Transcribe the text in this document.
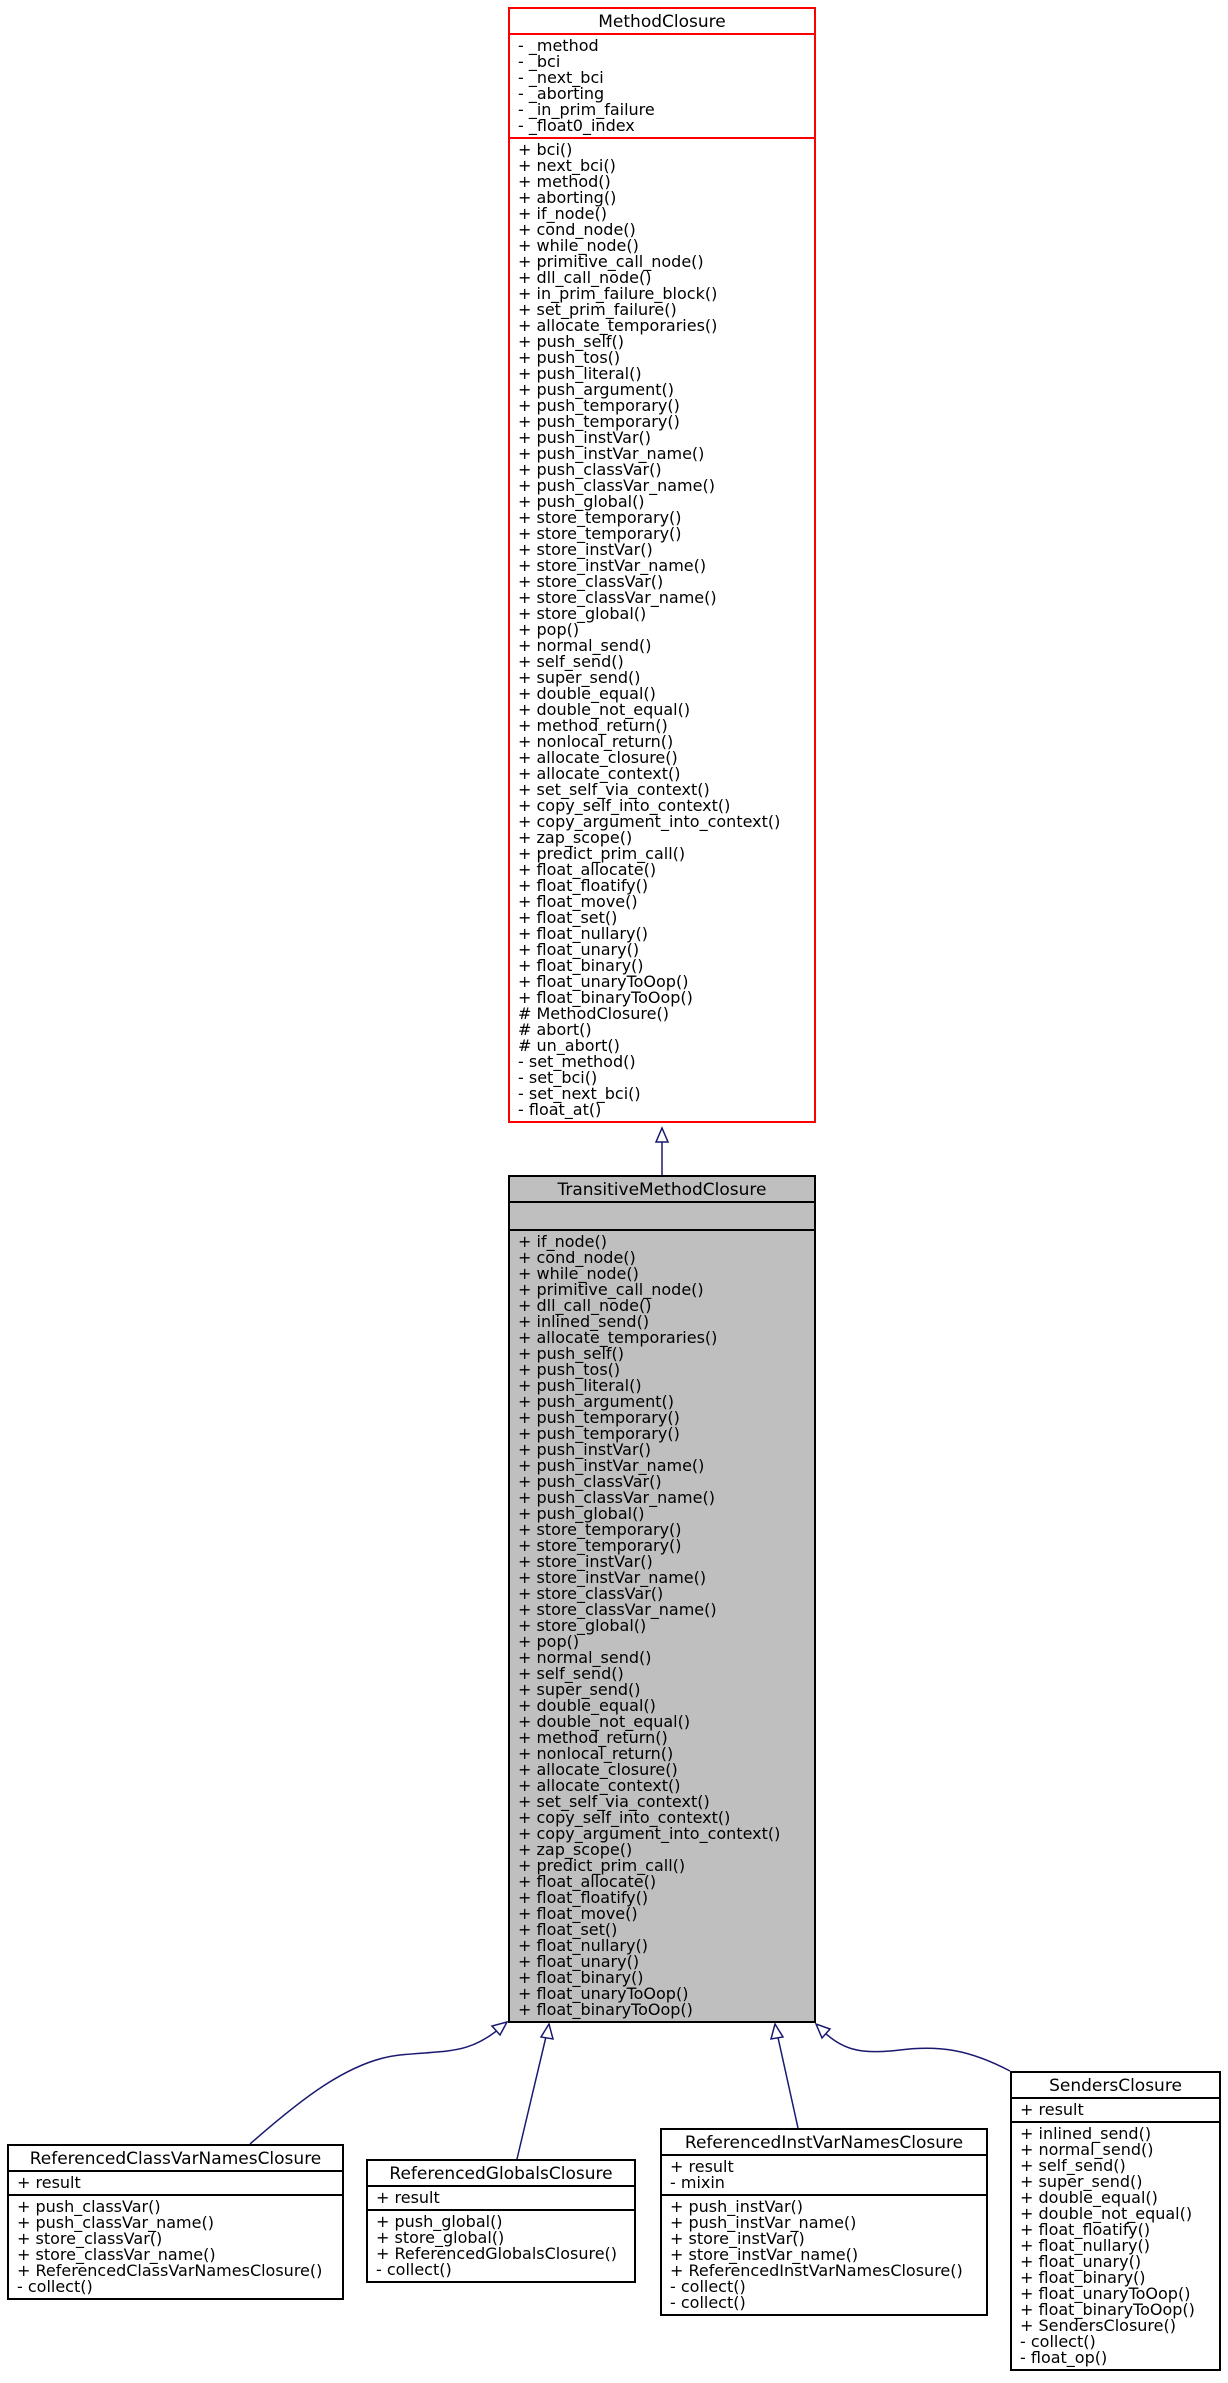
MethodClosure
- _method
- _bci
- _next_bci
- _aborting
- _in_prim_failure
- _float0_index
+ bci()
+ next_bci()
+ method()
+ aborting()
+ if_node()
+ cond_node()
+ while_node()
+ primitive_call_node()
+ dll_call_node()
+ in_prim_failure_block()
+ set_prim_failure()
+ allocate_temporaries()
+ push_self()
+ push_tos()
+ push_literal()
+ push_argument()
+ push_temporary()
+ push_temporary()
+ push_instVar()
+ push_instVar_name()
+ push_classVar()
+ push_classVar_name()
+ push_global()
+ store_temporary()
+ store_temporary()
+ store_instVar()
+ store_instVar_name()
+ store_classVar()
+ store_classVar_name()
+ store_global()
+ pop()
+ normal_send()
+ self_send()
+ super_send()
+ double_equal()
+ double_not_equal()
+ method_return()
+ nonlocal_return()
+ allocate_closure()
+ allocate_context()
+ set_self_via_context()
+ copy_self_into_context()
+ copy_argument_into_context()
+ zap_scope()
+ predict_prim_call()
+ float_allocate()
+ float_floatify()
+ float_move()
+ float_set()
+ float_nullary()
+ float_unary()
+ float_binary()
+ float_unaryToOop()
+ float_binaryToOop()
# MethodClosure()
# abort()
# un_abort()
- set_method()
- set_bci()
- set_next_bci()
- float_at()
TransitiveMethodClosure
+ if_node()
+ cond_node()
+ while_node()
+ primitive_call_node()
+ dll_call_node()
+ inlined_send()
+ allocate_temporaries()
+ push_self()
+ push_tos()
+ push_literal()
+ push_argument()
+ push_temporary()
+ push_temporary()
+ push_instVar()
+ push_instVar_name()
+ push_classVar()
+ push_classVar_name()
+ push_global()
+ store_temporary()
+ store_temporary()
+ store_instVar()
+ store_instVar_name()
+ store_classVar()
+ store_classVar_name()
+ store_global()
+ pop()
+ normal_send()
+ self_send()
+ super_send()
+ double_equal()
+ double_not_equal()
+ method_return()
+ nonlocal_return()
+ allocate_closure()
+ allocate_context()
+ set_self_via_context()
+ copy_self_into_context()
+ copy_argument_into_context()
+ zap_scope()
+ predict_prim_call()
+ float_allocate()
+ float_floatify()
+ float_move()
+ float_set()
+ float_nullary()
+ float_unary()
+ float_binary()
+ float_unaryToOop()
+ float_binaryToOop()
ReferencedClassVarNamesClosure
+ result
+ push_classVar()
+ push_classVar_name()
+ store_classVar()
+ store_classVar_name()
+ ReferencedClassVarNamesClosure()
- collect()
ReferencedGlobalsClosure
+ result
+ push_global()
+ store_global()
+ ReferencedGlobalsClosure()
- collect()
ReferencedInstVarNamesClosure
+ result
- mixin
+ push_instVar()
+ push_instVar_name()
+ store_instVar()
+ store_instVar_name()
+ ReferencedInstVarNamesClosure()
- collect()
- collect()
SendersClosure
+ result
+ inlined_send()
+ normal_send()
+ self_send()
+ super_send()
+ double_equal()
+ double_not_equal()
+ float_floatify()
+ float_nullary()
+ float_unary()
+ float_binary()
+ float_unaryToOop()
+ float_binaryToOop()
+ SendersClosure()
- collect()
- float_op()
